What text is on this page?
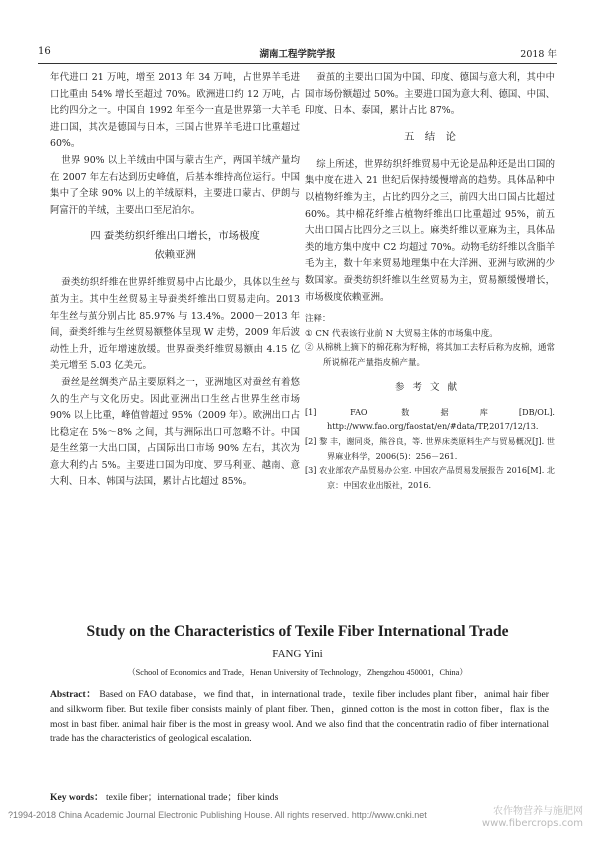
16	湖南工程学院学报	2018 年

年代进口 21 万吨，增至 2013 年 34 万吨，占世界羊毛进口比重由 54% 增长至超过 70%。欧洲进口约 12 万吨，占比约四分之一。中国自 1992 年至今一直是世界第一大羊毛进口国，其次是德国与日本，三国占世界羊毛进口比重超过 60%。

世界 90% 以上羊绒由中国与蒙古生产，两国羊绒产量均在 2007 年左右达到历史峰值，后基本维持高位运行。中国集中了全球 90% 以上的羊绒原料，主要进口蒙古、伊朗与阿富汗的羊绒，主要出口至尼泊尔。

四 蚕类纺织纤维出口增长，市场极度
依赖亚洲

蚕类纺织纤维在世界纤维贸易中占比最少，具体以生丝与茧为主。其中生丝贸易主导蚕类纤维出口贸易走向。2013 年生丝与茧分别占比 85.97% 与 13.4%。2000－2013 年间，蚕类纤维与生丝贸易额整体呈现 W 走势，2009 年后波动性上升，近年增速放缓。世界蚕类纤维贸易额由 4.15 亿美元增至 5.03 亿美元。

蚕丝是丝绸类产品主要原料之一，亚洲地区对蚕丝有着悠久的生产与文化历史。因此亚洲出口生丝占世界生丝市场 90% 以上比重，峰值曾超过 95%（2009 年）。欧洲出口占比稳定在 5%～8% 之间，其与洲际出口可忽略不计。中国是生丝第一大出口国，占国际出口市场 90% 左右，其次为意大利约占 5%。主要进口国为印度、罗马利亚、越南、意大利、日本、韩国与法国，累计占比超过 85%。

蚕茧的主要出口国为中国、印度、德国与意大利，其中中国市场份额超过 50%。主要进口国为意大利、德国、中国、印度、日本、泰国，累计占比 87%。

五　结　论

综上所述，世界纺织纤维贸易中无论是品种还是出口国的集中度在进入 21 世纪后保持缓慢增高的趋势。具体品种中以植物纤维为主，占比约四分之三，前四大出口国占比超过 60%。其中棉花纤维占植物纤维出口比重超过 95%，前五大出口国占比四分之三以上。麻类纤维以亚麻为主，具体品类的地方集中度中 C2 均超过 70%。动物毛纺纤维以含脂羊毛为主，数十年来贸易地理集中在大洋洲、亚洲与欧洲的少数国家。蚕类纺织纤维以生丝贸易为主，贸易额缓慢增长，市场极度依赖亚洲。

注释：
① CN 代表该行业前 N 大贸易主体的市场集中度。
② 从棉桃上摘下的棉花称为籽棉，将其加工去籽后称为皮棉，通常所说棉花产量指皮棉产量。
参考文献
[1] FAO 数据库[DB/OL]. http://www.fao.org/faostat/en/#data/TP,2017/12/13.
[2] 黎 丰，谢同炎，熊谷良，等. 世界床类原料生产与贸易概况[J]. 世界麻业科学，2006(5)：256－261.
[3] 农业部农产品贸易办公室. 中国农产品贸易发展报告 2016[M]. 北京：中国农业出版社，2016.
Study on the Characteristics of Texile Fiber International Trade
FANG Yini
（School of Economics and Trade，Henan University of Technology，Zhengzhou 450001，China）
Abstract： Based on FAO database，we find that，in international trade，texile fiber includes plant fiber，animal hair fiber and silkworm fiber. But texile fiber consists mainly of plant fiber. Then，ginned cotton is the most in cotton fiber，flax is the most in bast fiber. animal hair fiber is the most in greasy wool. And we also find that the concentratin radio of fiber international trade has the characteristics of geological escalation.
Key words： texile fiber；international trade；fiber kinds
?1994-2018 China Academic Journal Electronic Publishing House. All rights reserved. http://www.cnki.net	农作物营养与施肥网
www.fibercrops.com
